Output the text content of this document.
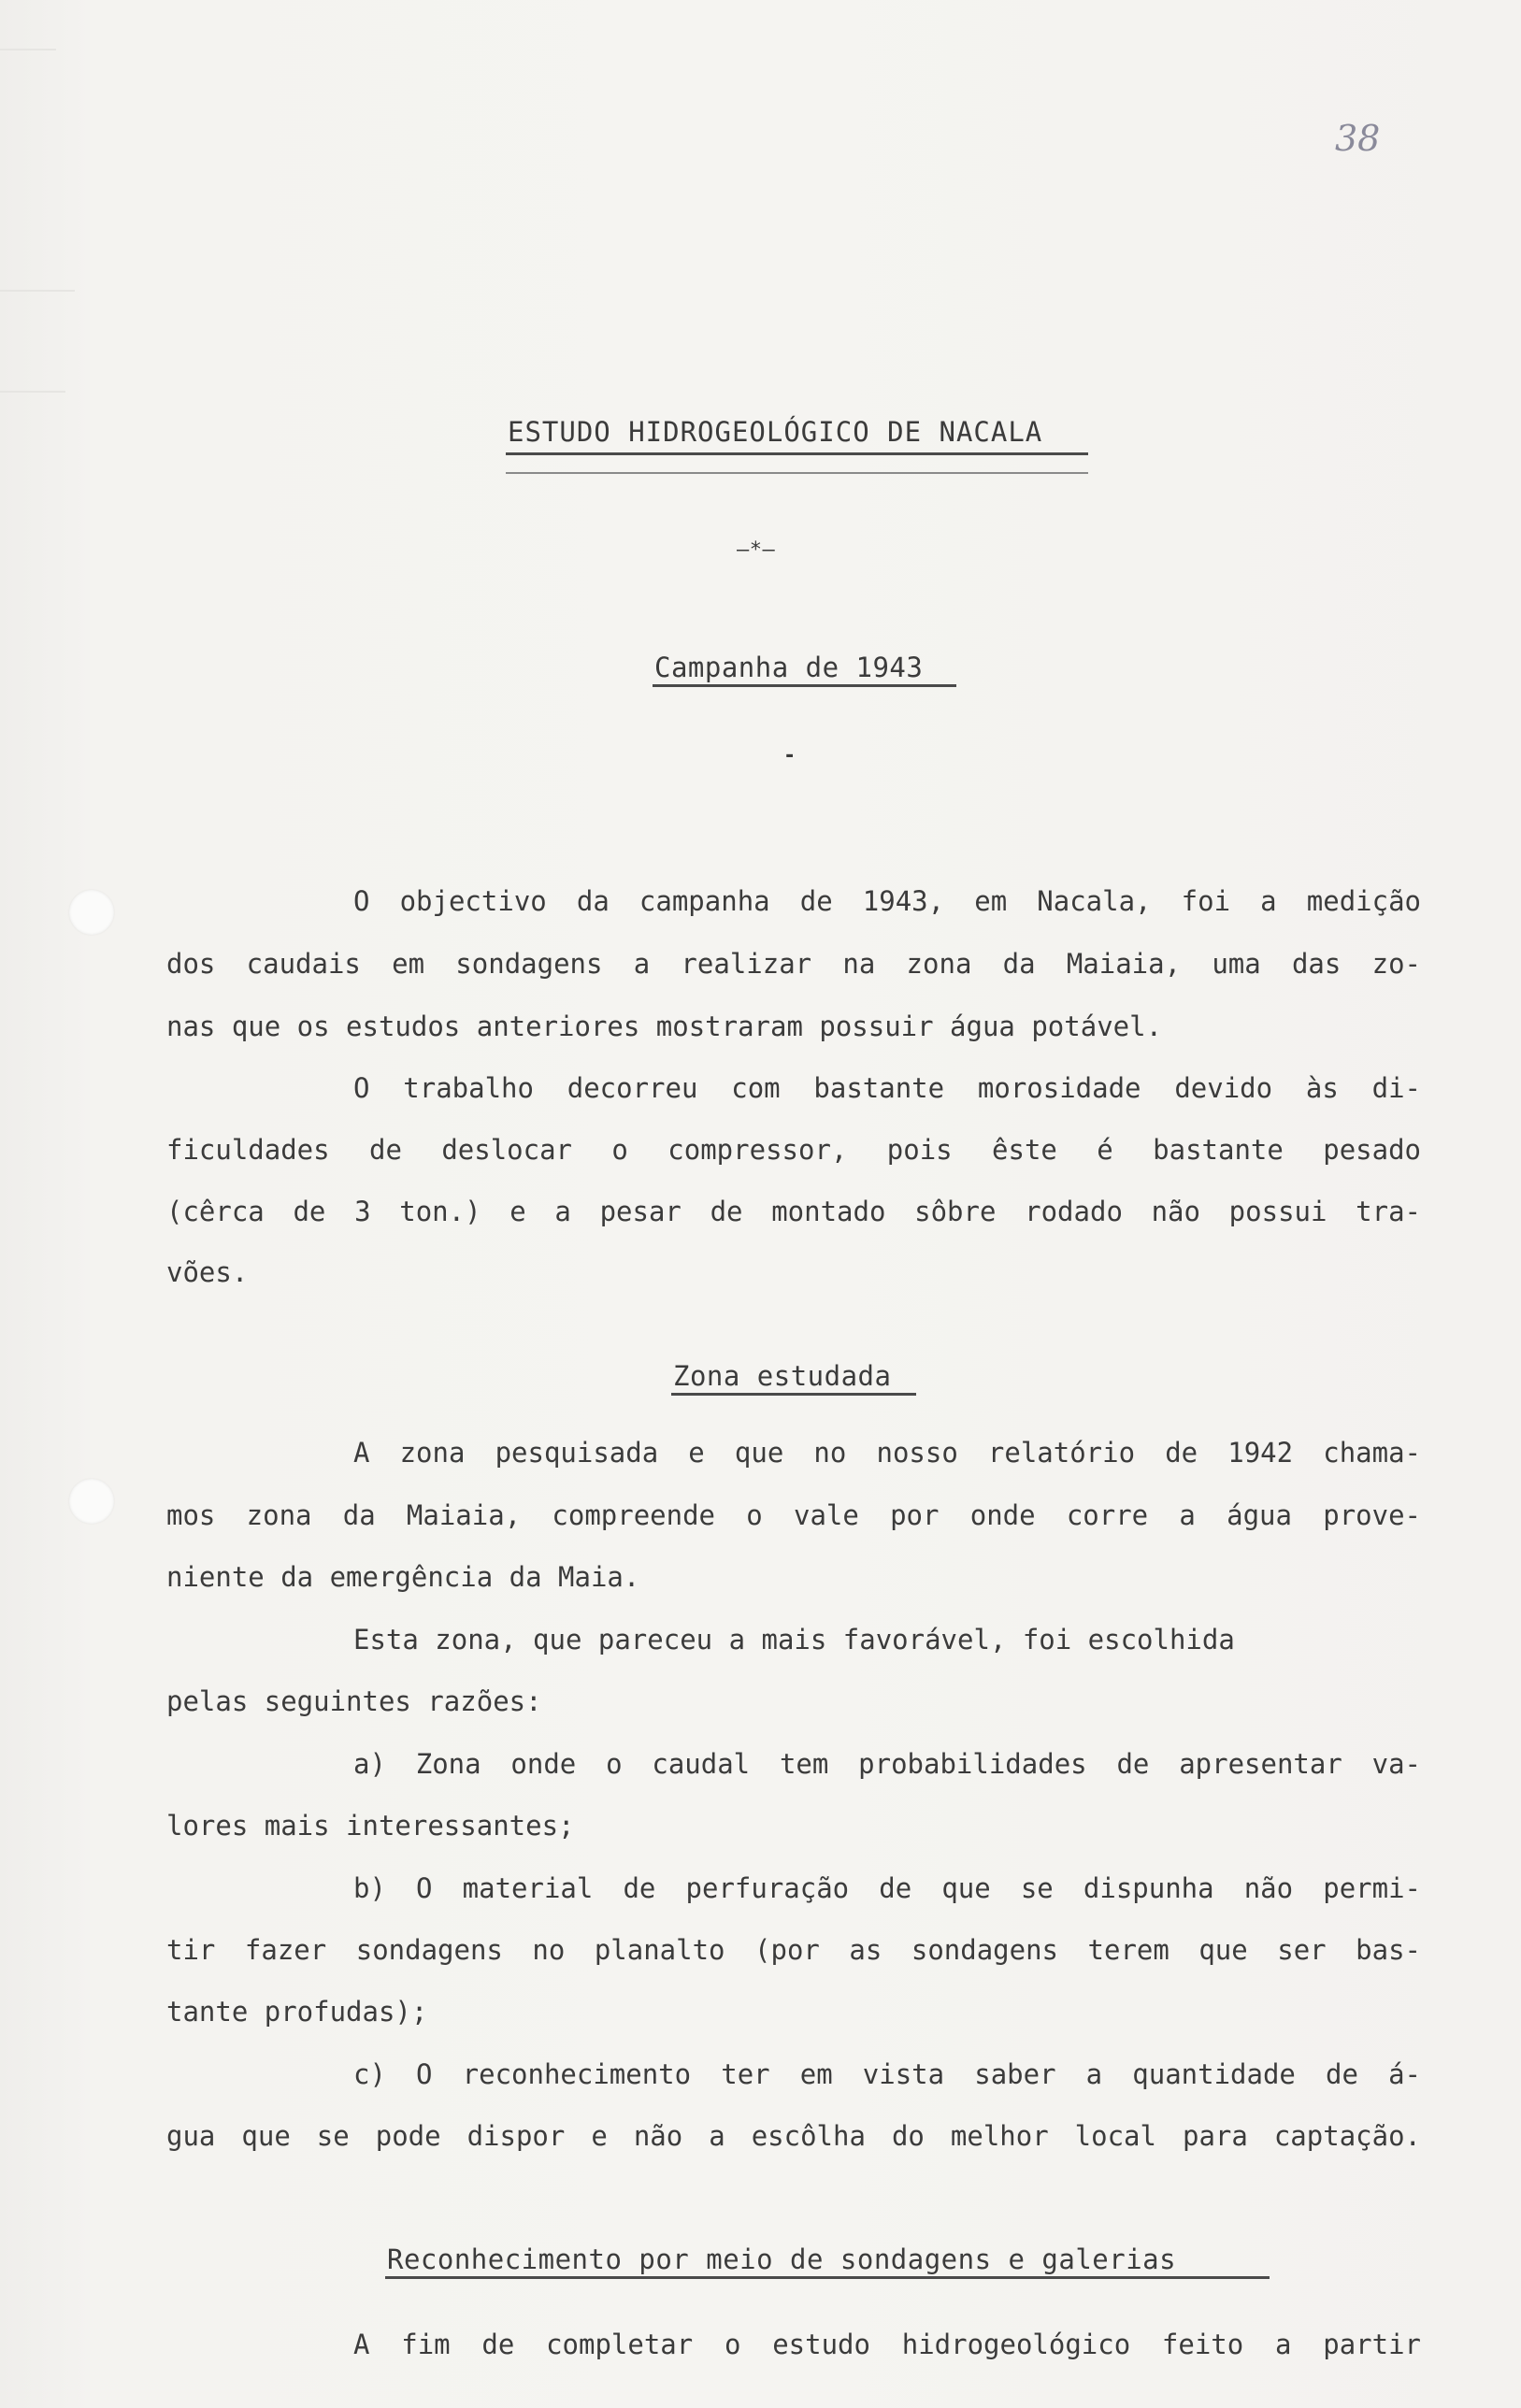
38
ESTUDO HIDROGEOLÓGICO DE NACALA
—*—
Campanha de 1943
-
O objectivo da campanha de 1943, em Nacala, foi a medição
dos caudais em sondagens a realizar na zona da Maiaia, uma das zo-
nas que os estudos anteriores mostraram possuir água potável.
O trabalho decorreu com bastante morosidade devido às di-
ficuldades de deslocar o compressor, pois êste é bastante pesado
(cêrca de 3 ton.) e a pesar de montado sôbre rodado não possui tra-
vões.
Zona estudada
A zona pesquisada e que no nosso relatório de 1942 chama-
mos zona da Maiaia, compreende o vale por onde corre a água prove-
niente da emergência da Maia.
Esta zona, que pareceu a mais favorável, foi escolhida
pelas seguintes razões:
a) Zona onde o caudal tem probabilidades de apresentar va-
lores mais interessantes;
b) O material de perfuração de que se dispunha não permi-
tir fazer sondagens no planalto (por as sondagens terem que ser bas-
tante profudas);
c) O reconhecimento ter em vista saber a quantidade de á-
gua que se pode dispor e não a escôlha do melhor local para captação.
Reconhecimento por meio de sondagens e galerias
A fim de completar o estudo hidrogeológico feito a partir
